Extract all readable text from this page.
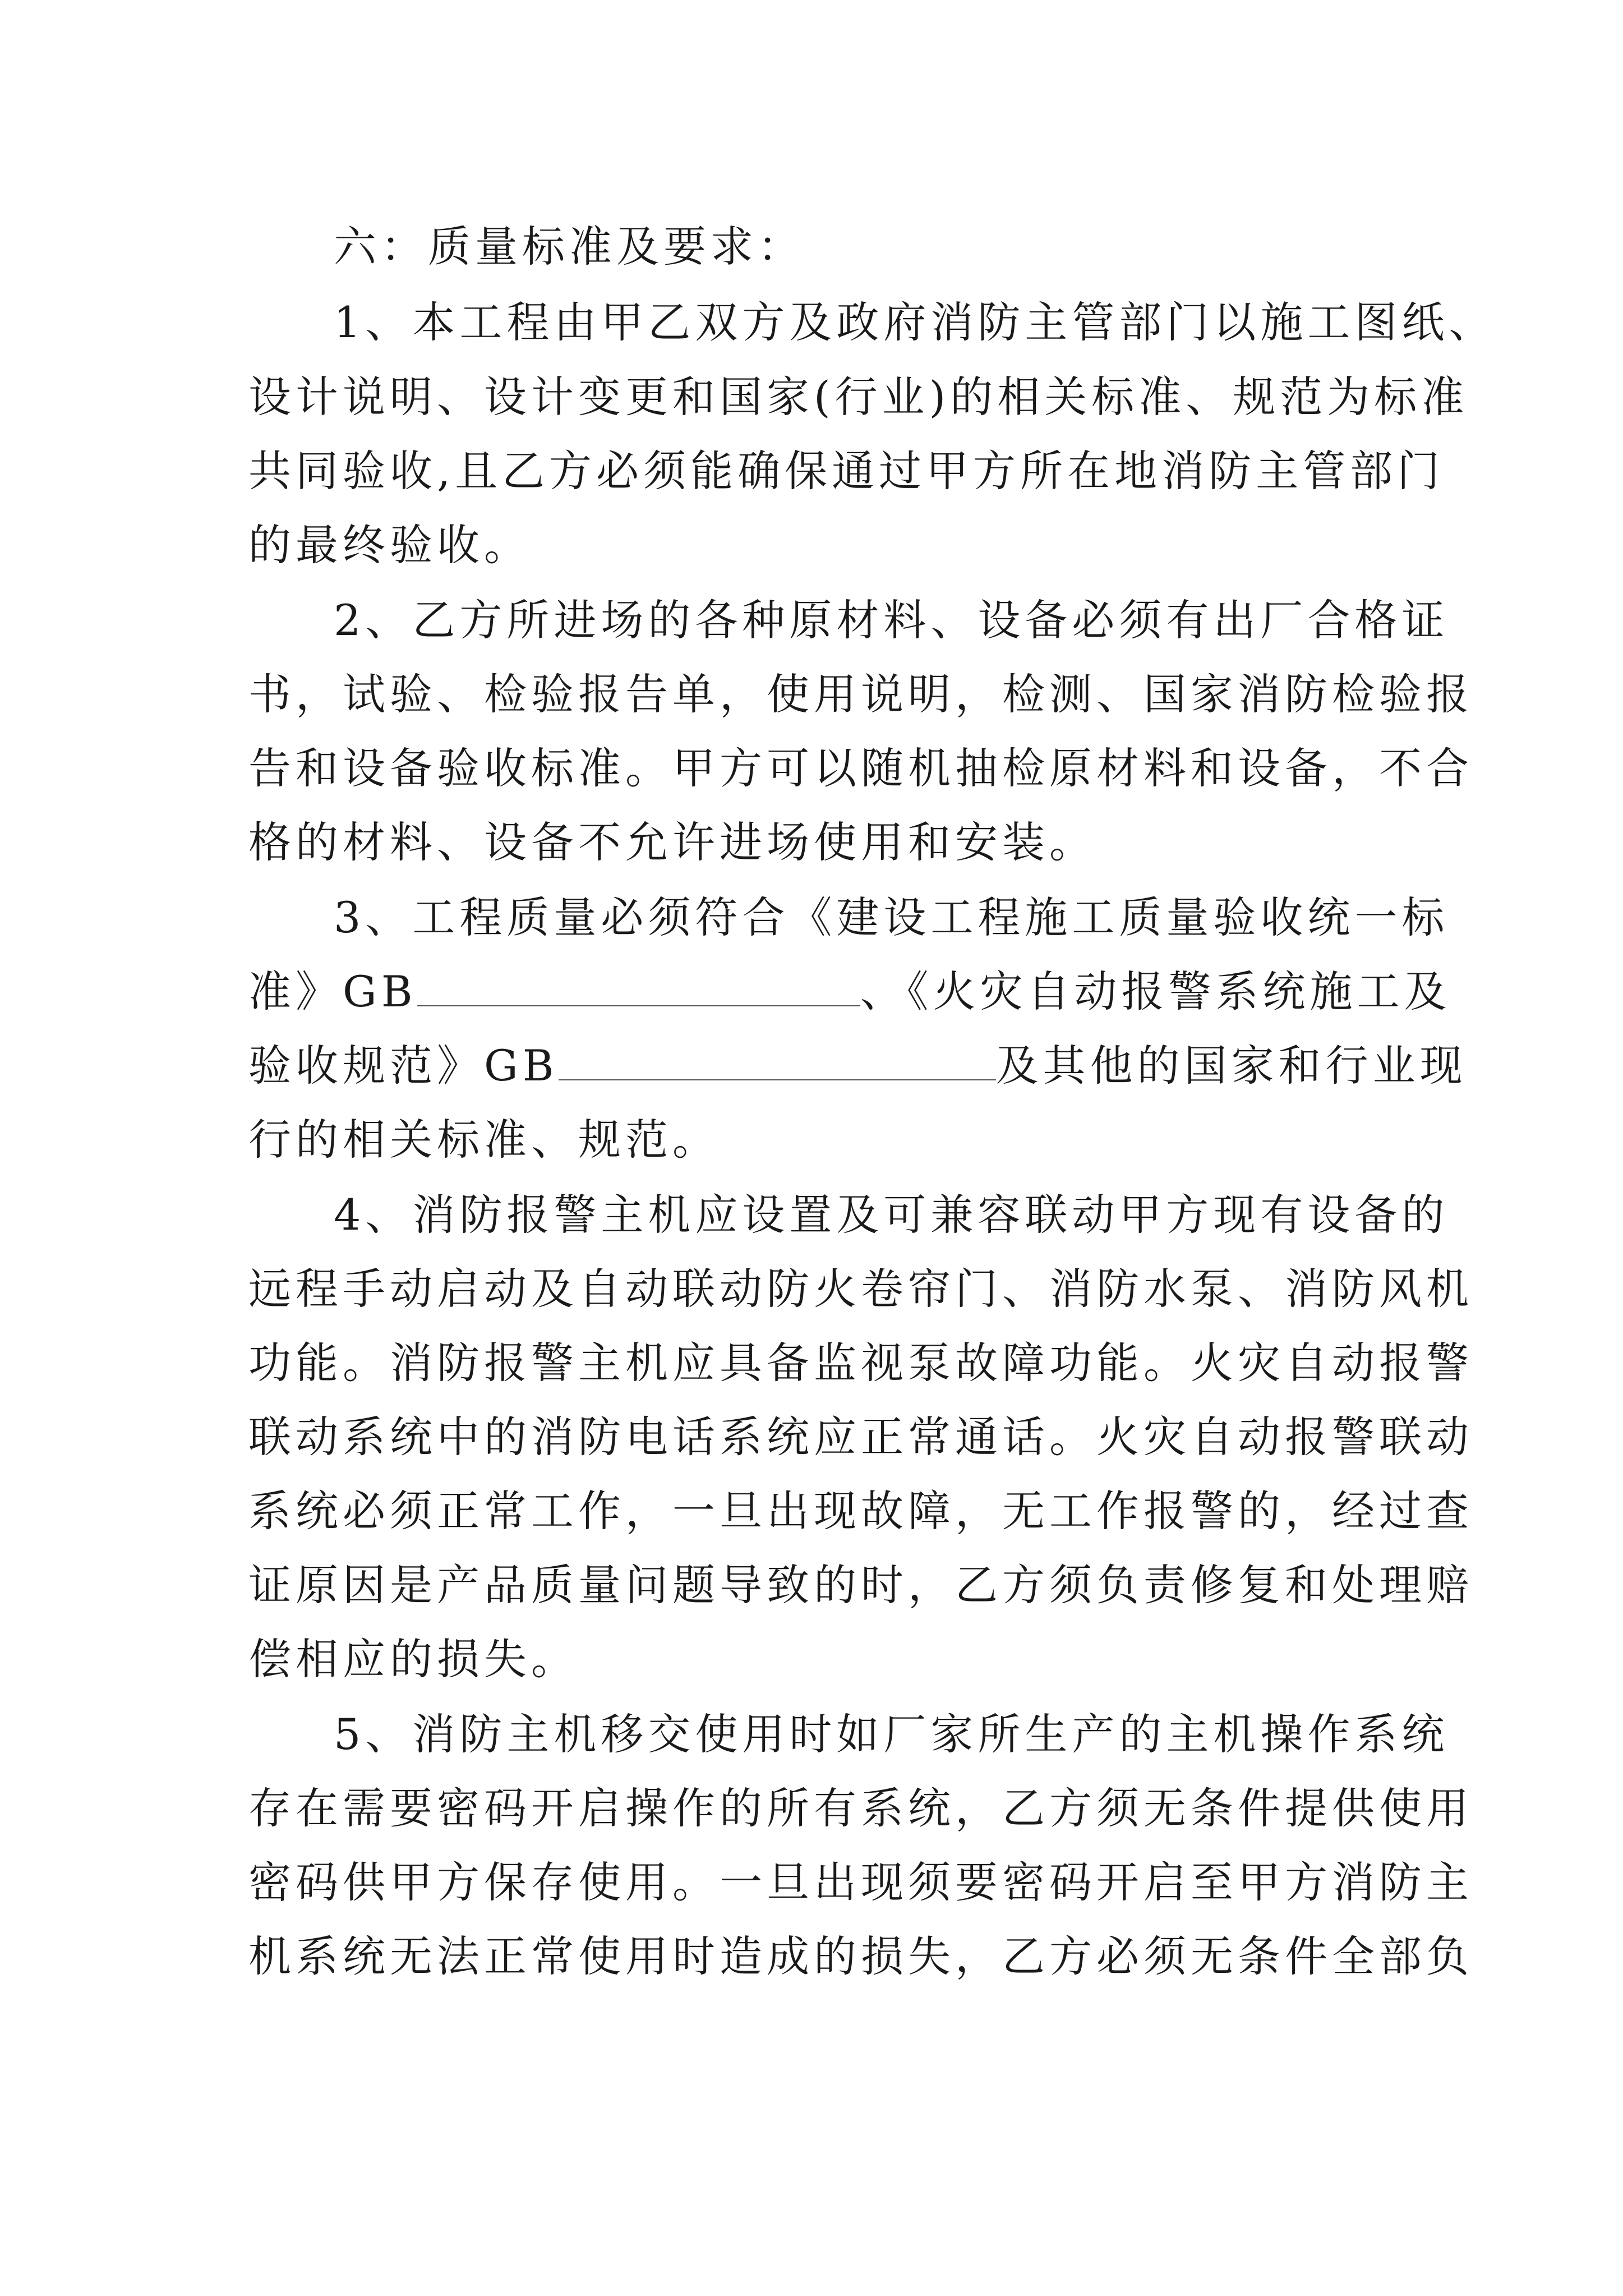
六：质量标准及要求：
1、本工程由甲乙双方及政府消防主管部门以施工图纸、
设计说明、设计变更和国家(行业)的相关标准、规范为标准
共同验收,且乙方必须能确保通过甲方所在地消防主管部门
的最终验收。
2、乙方所进场的各种原材料、设备必须有出厂合格证
书，试验、检验报告单，使用说明，检测、国家消防检验报
告和设备验收标准。甲方可以随机抽检原材料和设备，不合
格的材料、设备不允许进场使用和安装。
3、工程质量必须符合《建设工程施工质量验收统一标
准》GB	、《火灾自动报警系统施工及
验收规范》GB	及其他的国家和行业现
行的相关标准、规范。
4、消防报警主机应设置及可兼容联动甲方现有设备的
远程手动启动及自动联动防火卷帘门、消防水泵、消防风机
功能。消防报警主机应具备监视泵故障功能。火灾自动报警
联动系统中的消防电话系统应正常通话。火灾自动报警联动
系统必须正常工作，一旦出现故障，无工作报警的，经过查
证原因是产品质量问题导致的时，乙方须负责修复和处理赔
偿相应的损失。
5、消防主机移交使用时如厂家所生产的主机操作系统
存在需要密码开启操作的所有系统，乙方须无条件提供使用
密码供甲方保存使用。一旦出现须要密码开启至甲方消防主
机系统无法正常使用时造成的损失，乙方必须无条件全部负
